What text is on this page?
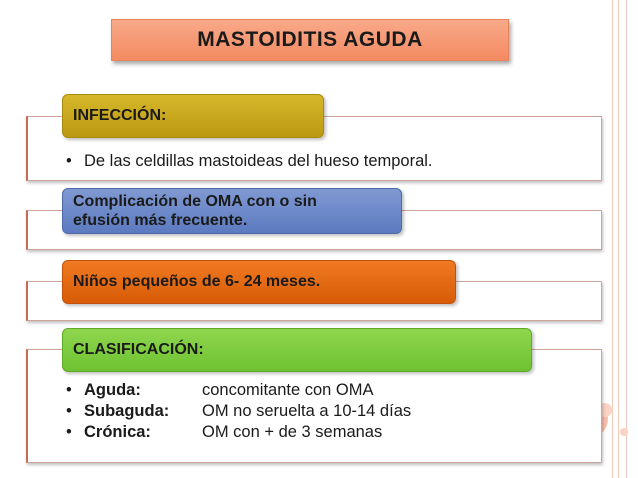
MASTOIDITIS AGUDA
INFECCIÓN:
• De las celdillas mastoideas del hueso temporal.
Complicación de OMA con o sin
efusión más frecuente.
Niños pequeños de 6- 24 meses.
CLASIFICACIÓN:
• Aguda:	concomitante con OMA
• Subaguda:	OM no seruelta a 10-14 días
• Crónica:	OM con + de 3 semanas
